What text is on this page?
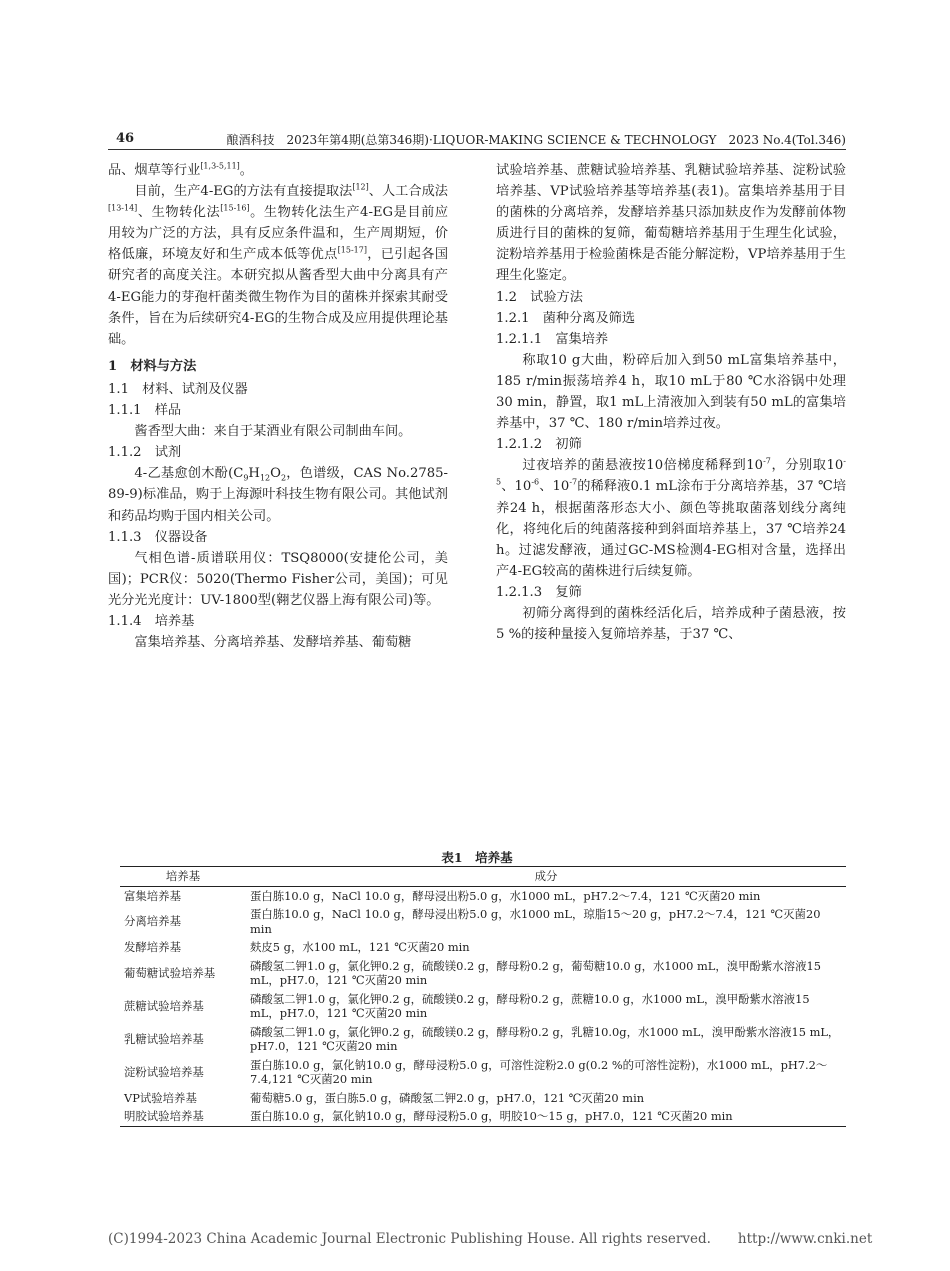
46	酿酒科技　2023年第4期(总第346期)·LIQUOR-MAKING SCIENCE & TECHNOLOGY　2023 No.4(Tol.346)

品、烟草等行业[1,3-5,11]。

目前，生产4-EG的方法有直接提取法[12]、人工合成法[13-14]、生物转化法[15-16]。生物转化法生产4-EG是目前应用较为广泛的方法，具有反应条件温和，生产周期短，价格低廉，环境友好和生产成本低等优点[15-17]，已引起各国研究者的高度关注。本研究拟从酱香型大曲中分离具有产4-EG能力的芽孢杆菌类微生物作为目的菌株并探索其耐受条件，旨在为后续研究4-EG的生物合成及应用提供理论基础。

1　材料与方法

1.1　材料、试剂及仪器

1.1.1　样品

酱香型大曲：来自于某酒业有限公司制曲车间。

1.1.2　试剂

4-乙基愈创木酚($C_9H_{12}O_2$，色谱级，CAS No.2785-89-9)标准品，购于上海源叶科技生物有限公司。其他试剂和药品均购于国内相关公司。

1.1.3　仪器设备

气相色谱-质谱联用仪：TSQ8000(安捷伦公司，美国)；PCR仪：5020(Thermo Fisher公司，美国)；可见光分光光度计：UV-1800型(翱艺仪器上海有限公司)等。

1.1.4　培养基

富集培养基、分离培养基、发酵培养基、葡萄糖

试验培养基、蔗糖试验培养基、乳糖试验培养基、淀粉试验培养基、VP试验培养基等培养基(表1)。富集培养基用于目的菌株的分离培养，发酵培养基只添加麸皮作为发酵前体物质进行目的菌株的复筛，葡萄糖培养基用于生理生化试验，淀粉培养基用于检验菌株是否能分解淀粉，VP培养基用于生理生化鉴定。

1.2　试验方法

1.2.1　菌种分离及筛选

1.2.1.1　富集培养

称取10 g大曲，粉碎后加入到50 mL富集培养基中，185 r/min振荡培养4 h，取10 mL于80 ℃水浴锅中处理30 min，静置，取1 mL上清液加入到装有50 mL的富集培养基中，37 ℃、180 r/min培养过夜。

1.2.1.2　初筛

过夜培养的菌悬液按10倍梯度稀释到$10^{-7}$，分别取$10^{-5}$、$10^{-6}$、$10^{-7}$的稀释液0.1 mL涂布于分离培养基，37 ℃培养24 h，根据菌落形态大小、颜色等挑取菌落划线分离纯化，将纯化后的纯菌落接种到斜面培养基上，37 ℃培养24 h。过滤发酵液，通过GC-MS检测4-EG相对含量，选择出产4-EG较高的菌株进行后续复筛。

1.2.1.3　复筛

初筛分离得到的菌株经活化后，培养成种子菌悬液，按5 %的接种量接入复筛培养基，于37 ℃、

表1　培养基
培养基	成分
富集培养基	蛋白胨10.0 g，NaCl 10.0 g，酵母浸出粉5.0 g，水1000 mL，pH7.2～7.4，121 ℃灭菌20 min
分离培养基	蛋白胨10.0 g，NaCl 10.0 g，酵母浸出粉5.0 g，水1000 mL，琼脂15～20 g，pH7.2～7.4，121 ℃灭菌20 min
发酵培养基	麸皮5 g，水100 mL，121 ℃灭菌20 min
葡萄糖试验培养基	磷酸氢二钾1.0 g，氯化钾0.2 g，硫酸镁0.2 g，酵母粉0.2 g，葡萄糖10.0 g，水1000 mL，溴甲酚紫水溶液15 mL，pH7.0，121 ℃灭菌20 min
蔗糖试验培养基	磷酸氢二钾1.0 g，氯化钾0.2 g，硫酸镁0.2 g，酵母粉0.2 g，蔗糖10.0 g，水1000 mL，溴甲酚紫水溶液15 mL，pH7.0，121 ℃灭菌20 min
乳糖试验培养基	磷酸氢二钾1.0 g，氯化钾0.2 g，硫酸镁0.2 g，酵母粉0.2 g，乳糖10.0g，水1000 mL，溴甲酚紫水溶液15 mL，pH7.0，121 ℃灭菌20 min
淀粉试验培养基	蛋白胨10.0 g，氯化钠10.0 g，酵母浸粉5.0 g，可溶性淀粉2.0 g(0.2 %的可溶性淀粉)，水1000 mL，pH7.2～7.4,121 ℃灭菌20 min
VP试验培养基	葡萄糖5.0 g，蛋白胨5.0 g，磷酸氢二钾2.0 g，pH7.0，121 ℃灭菌20 min
明胶试验培养基	蛋白胨10.0 g，氯化钠10.0 g，酵母浸粉5.0 g，明胶10～15 g，pH7.0，121 ℃灭菌20 min
(C)1994-2023 China Academic Journal Electronic Publishing House. All rights reserved.　　http://www.cnki.net
